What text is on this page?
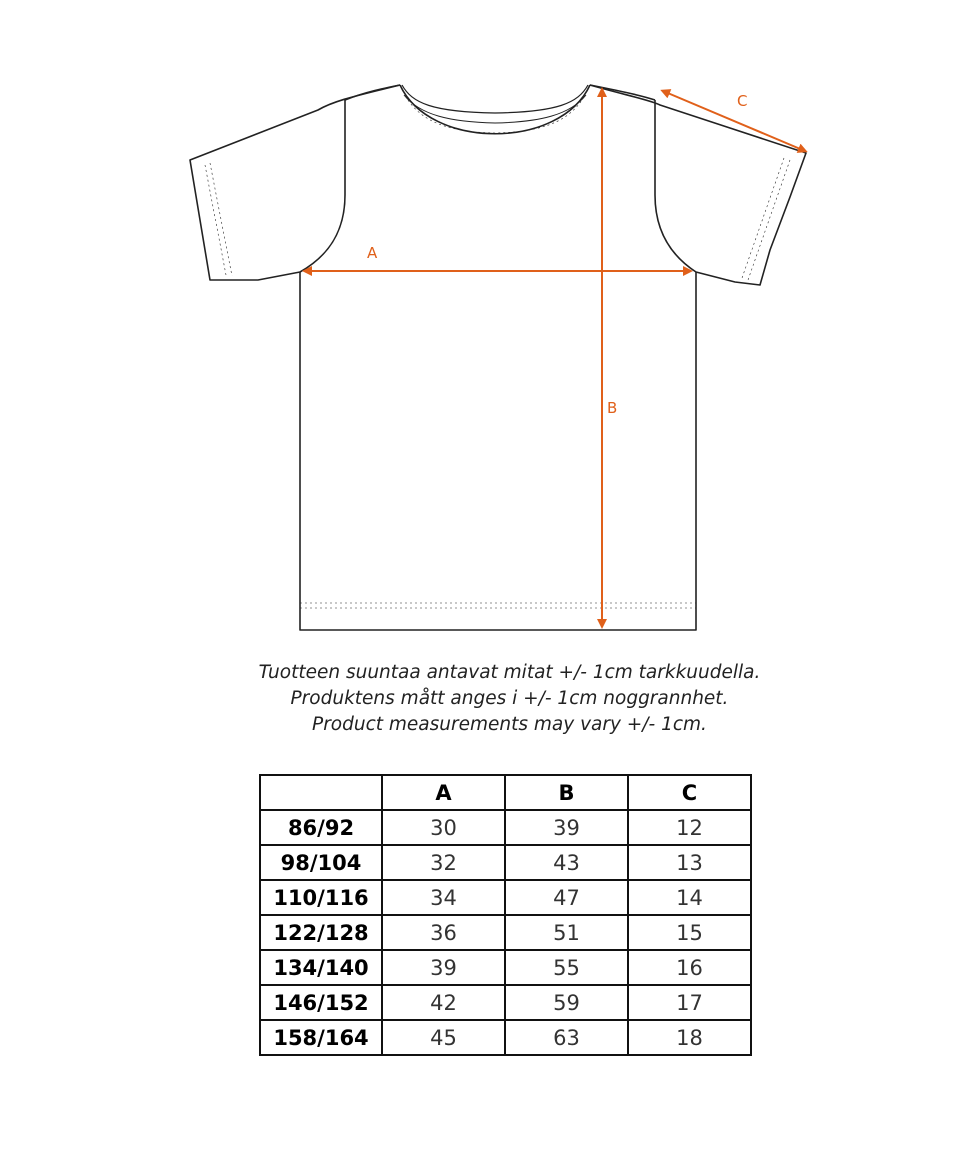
A
B
C
Tuotteen suuntaa antavat mitat +/- 1cm tarkkuudella.
Produktens mått anges i +/- 1cm noggrannhet.
Product measurements may vary +/- 1cm.
	A	B	C
86/92	30	39	12
98/104	32	43	13
110/116	34	47	14
122/128	36	51	15
134/140	39	55	16
146/152	42	59	17
158/164	45	63	18
